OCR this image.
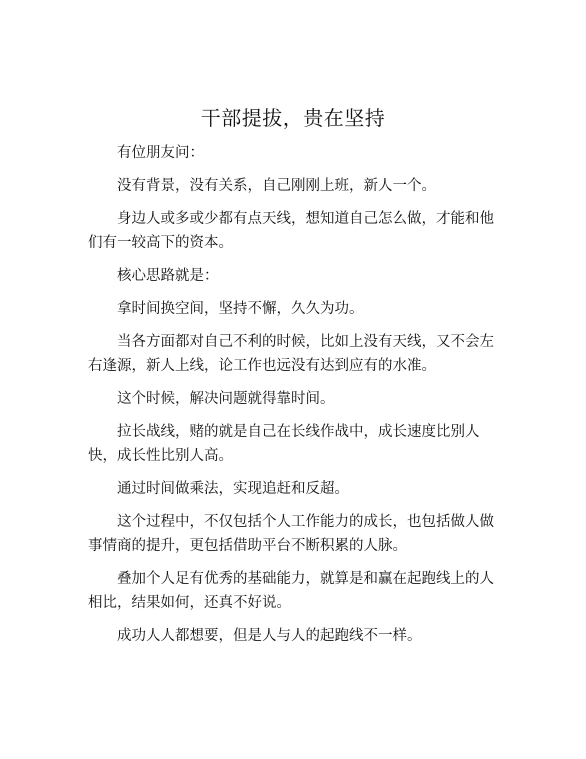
干部提拔，贵在坚持

有位朋友问：

没有背景，没有关系，自己刚刚上班，新人一个。

身边人或多或少都有点天线，想知道自己怎么做，才能和他们有一较高下的资本。

核心思路就是：

拿时间换空间，坚持不懈，久久为功。

当各方面都对自己不利的时候，比如上没有天线，又不会左右逢源，新人上线，论工作也远没有达到应有的水准。

这个时候，解决问题就得靠时间。

拉长战线，赌的就是自己在长线作战中，成长速度比别人快，成长性比别人高。

通过时间做乘法，实现追赶和反超。

这个过程中，不仅包括个人工作能力的成长，也包括做人做事情商的提升，更包括借助平台不断积累的人脉。

叠加个人足有优秀的基础能力，就算是和赢在起跑线上的人相比，结果如何，还真不好说。

成功人人都想要，但是人与人的起跑线不一样。
